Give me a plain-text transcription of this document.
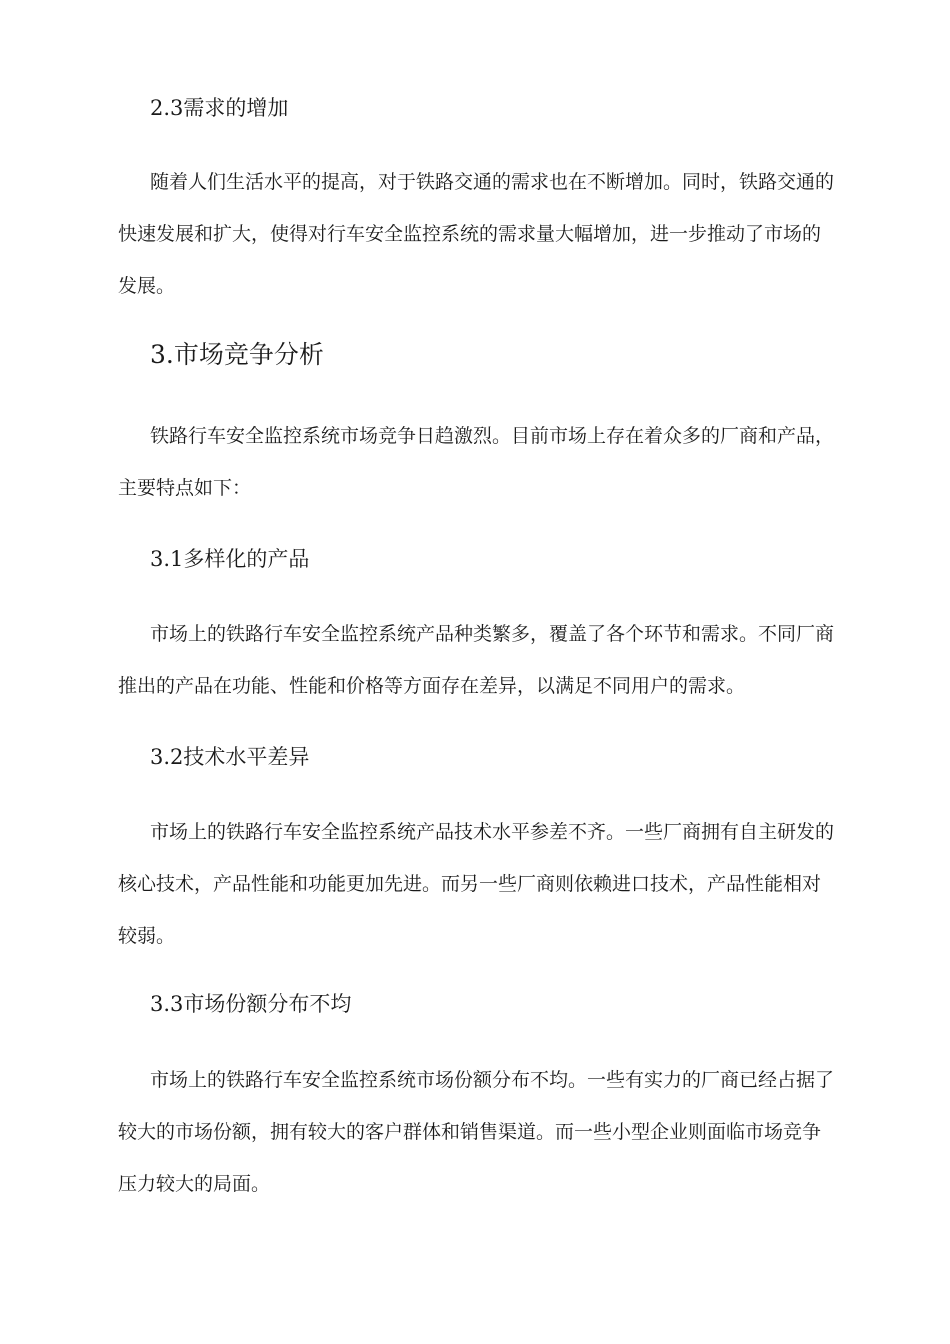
2.3需求的增加

随着人们生活水平的提高，对于铁路交通的需求也在不断增加。同时，铁路交通的快速发展和扩大，使得对行车安全监控系统的需求量大幅增加，进一步推动了市场的发展。

3.市场竞争分析

铁路行车安全监控系统市场竞争日趋激烈。目前市场上存在着众多的厂商和产品，主要特点如下：

3.1多样化的产品

市场上的铁路行车安全监控系统产品种类繁多，覆盖了各个环节和需求。不同厂商推出的产品在功能、性能和价格等方面存在差异，以满足不同用户的需求。

3.2技术水平差异

市场上的铁路行车安全监控系统产品技术水平参差不齐。一些厂商拥有自主研发的核心技术，产品性能和功能更加先进。而另一些厂商则依赖进口技术，产品性能相对较弱。

3.3市场份额分布不均

市场上的铁路行车安全监控系统市场份额分布不均。一些有实力的厂商已经占据了较大的市场份额，拥有较大的客户群体和销售渠道。而一些小型企业则面临市场竞争压力较大的局面。
